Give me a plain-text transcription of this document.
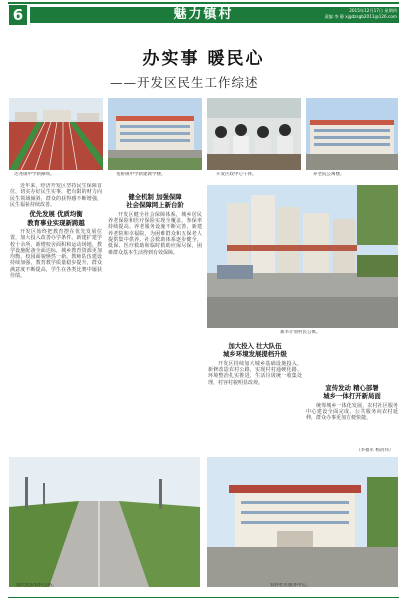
6	魅力镇村	2015年12月17日 星期四
责编 李 静 xjgdzsgb2011@126.com
办实事 暖民心
——开发区民生工作综述
达尧镇中学新操场。	宽桥镇中学新建教学楼。	开发区政中心午休。	养老院公寓楼。

近年来，经济开发区坚持民生保障首位，切实办好民生实事，把有限的财力向民生领域倾斜，群众的获得感不断增强，民生福祉持续改善。

优先发展 优质均衡
教育事业实现新跨越

开发区始终把教育摆在优先发展位置，加大投入改善办学条件。新建扩建学校十余所，新增校舍面积和运动场地，教学设施配备全面达标，城乡教育资源更加均衡，校园面貌焕然一新。教师队伍建设持续加强，教育教学质量稳步提升，群众满意度不断提高，学生在各类比赛中屡获佳绩。

健全机制 加强保障
社会保障网上新台阶

开发区健全社会保障体系，城乡居民养老保险和医疗保险实现全覆盖，参保率持续提高。养老服务设施不断完善，新建养老院和幸福院，为困难群众和五保老人提供集中供养。社会救助体系逐步健全，低保、医疗救助和临时救助应保尽保，困难群众基本生活得到有效保障。

寨李计划村民公寓。
加大投入 壮大队伍
城乡环境发展提档升级

开发区持续加大城乡基础设施投入，新修改造农村公路，实现村村通硬化路。环境整治扎实推进，生活垃圾统一收集处理，村容村貌明显改观。

宣传发动 精心部署
城乡一体打开新局面

统筹城乡一体化发展，农村社区服务中心建设全面完成，公共服务向农村延伸，群众办事更加方便快捷。

（李福军 杨清伟）
现代化的农村公路。	农村社区服务中心。
